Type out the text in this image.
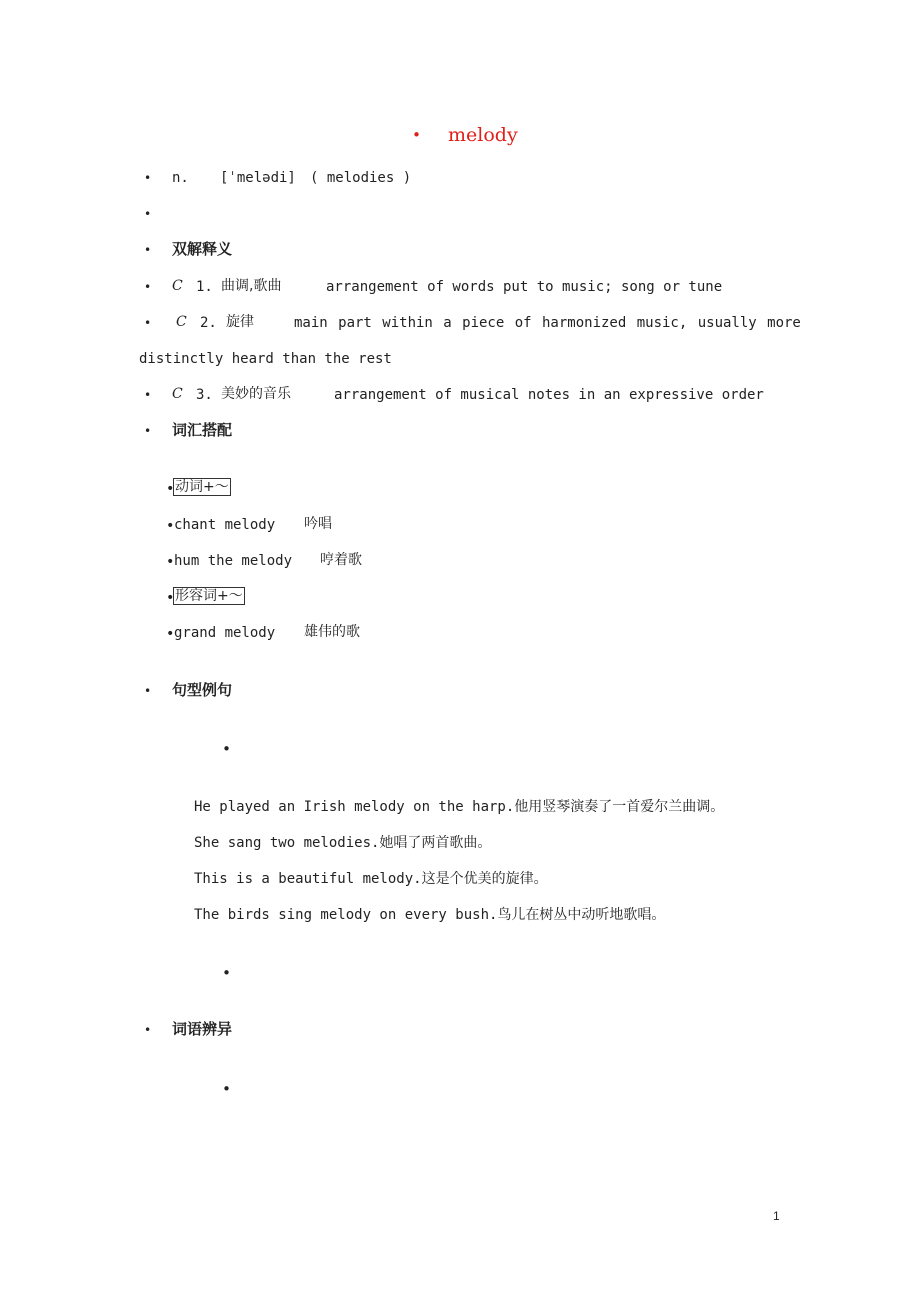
• melody
• n. [ˈmelədi] ( melodies )
•
• 双解释义
• C 1. 曲调,歌曲	arrangement of words put to music; song or tune
• C 2. 旋律	main part within a piece of harmonized music, usually more
distinctly heard than the rest
• C 3. 美妙的音乐	arrangement of musical notes in an expressive order
• 词汇搭配
• 动词+～
• chant melody 吟唱
• hum the melody 哼着歌
• 形容词+～
• grand melody 雄伟的歌
• 句型例句
•
He played an Irish melody on the harp.他用竖琴演奏了一首爱尔兰曲调。
She sang two melodies.她唱了两首歌曲。
This is a beautiful melody.这是个优美的旋律。
The birds sing melody on every bush.鸟儿在树丛中动听地歌唱。
•
• 词语辨异
•
1
